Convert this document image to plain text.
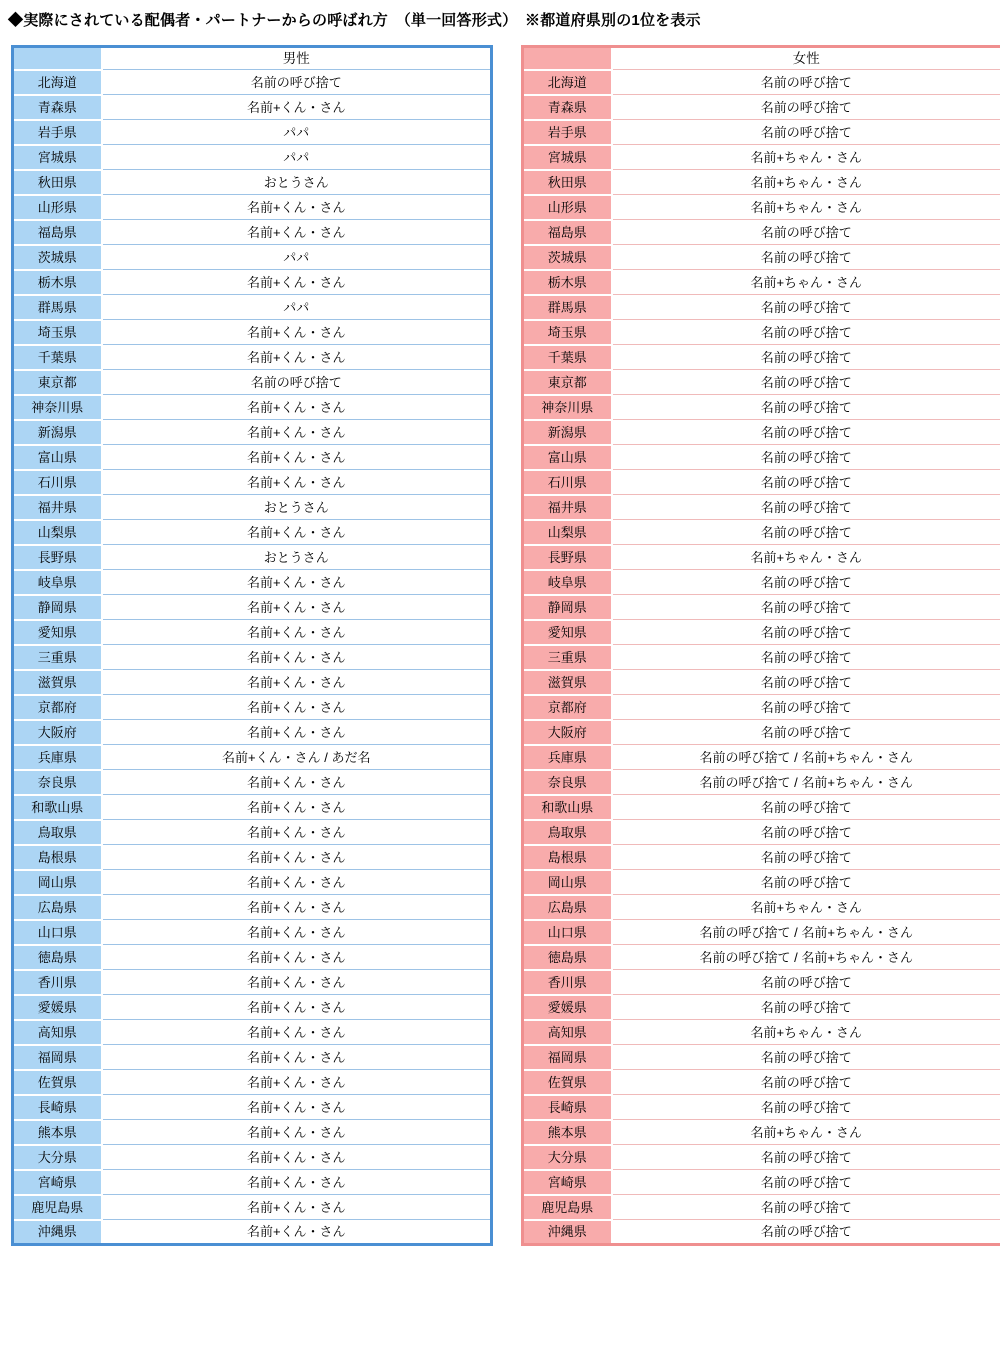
◆実際にされている配偶者・パートナーからの呼ばれ方　（単一回答形式）　※都道府県別の1位を表示
	男性
北海道	名前の呼び捨て
青森県	名前+くん・さん
岩手県	パパ
宮城県	パパ
秋田県	おとうさん
山形県	名前+くん・さん
福島県	名前+くん・さん
茨城県	パパ
栃木県	名前+くん・さん
群馬県	パパ
埼玉県	名前+くん・さん
千葉県	名前+くん・さん
東京都	名前の呼び捨て
神奈川県	名前+くん・さん
新潟県	名前+くん・さん
富山県	名前+くん・さん
石川県	名前+くん・さん
福井県	おとうさん
山梨県	名前+くん・さん
長野県	おとうさん
岐阜県	名前+くん・さん
静岡県	名前+くん・さん
愛知県	名前+くん・さん
三重県	名前+くん・さん
滋賀県	名前+くん・さん
京都府	名前+くん・さん
大阪府	名前+くん・さん
兵庫県	名前+くん・さん / あだ名
奈良県	名前+くん・さん
和歌山県	名前+くん・さん
鳥取県	名前+くん・さん
島根県	名前+くん・さん
岡山県	名前+くん・さん
広島県	名前+くん・さん
山口県	名前+くん・さん
徳島県	名前+くん・さん
香川県	名前+くん・さん
愛媛県	名前+くん・さん
高知県	名前+くん・さん
福岡県	名前+くん・さん
佐賀県	名前+くん・さん
長崎県	名前+くん・さん
熊本県	名前+くん・さん
大分県	名前+くん・さん
宮崎県	名前+くん・さん
鹿児島県	名前+くん・さん
沖縄県	名前+くん・さん
	女性
北海道	名前の呼び捨て
青森県	名前の呼び捨て
岩手県	名前の呼び捨て
宮城県	名前+ちゃん・さん
秋田県	名前+ちゃん・さん
山形県	名前+ちゃん・さん
福島県	名前の呼び捨て
茨城県	名前の呼び捨て
栃木県	名前+ちゃん・さん
群馬県	名前の呼び捨て
埼玉県	名前の呼び捨て
千葉県	名前の呼び捨て
東京都	名前の呼び捨て
神奈川県	名前の呼び捨て
新潟県	名前の呼び捨て
富山県	名前の呼び捨て
石川県	名前の呼び捨て
福井県	名前の呼び捨て
山梨県	名前の呼び捨て
長野県	名前+ちゃん・さん
岐阜県	名前の呼び捨て
静岡県	名前の呼び捨て
愛知県	名前の呼び捨て
三重県	名前の呼び捨て
滋賀県	名前の呼び捨て
京都府	名前の呼び捨て
大阪府	名前の呼び捨て
兵庫県	名前の呼び捨て / 名前+ちゃん・さん
奈良県	名前の呼び捨て / 名前+ちゃん・さん
和歌山県	名前の呼び捨て
鳥取県	名前の呼び捨て
島根県	名前の呼び捨て
岡山県	名前の呼び捨て
広島県	名前+ちゃん・さん
山口県	名前の呼び捨て / 名前+ちゃん・さん
徳島県	名前の呼び捨て / 名前+ちゃん・さん
香川県	名前の呼び捨て
愛媛県	名前の呼び捨て
高知県	名前+ちゃん・さん
福岡県	名前の呼び捨て
佐賀県	名前の呼び捨て
長崎県	名前の呼び捨て
熊本県	名前+ちゃん・さん
大分県	名前の呼び捨て
宮崎県	名前の呼び捨て
鹿児島県	名前の呼び捨て
沖縄県	名前の呼び捨て
